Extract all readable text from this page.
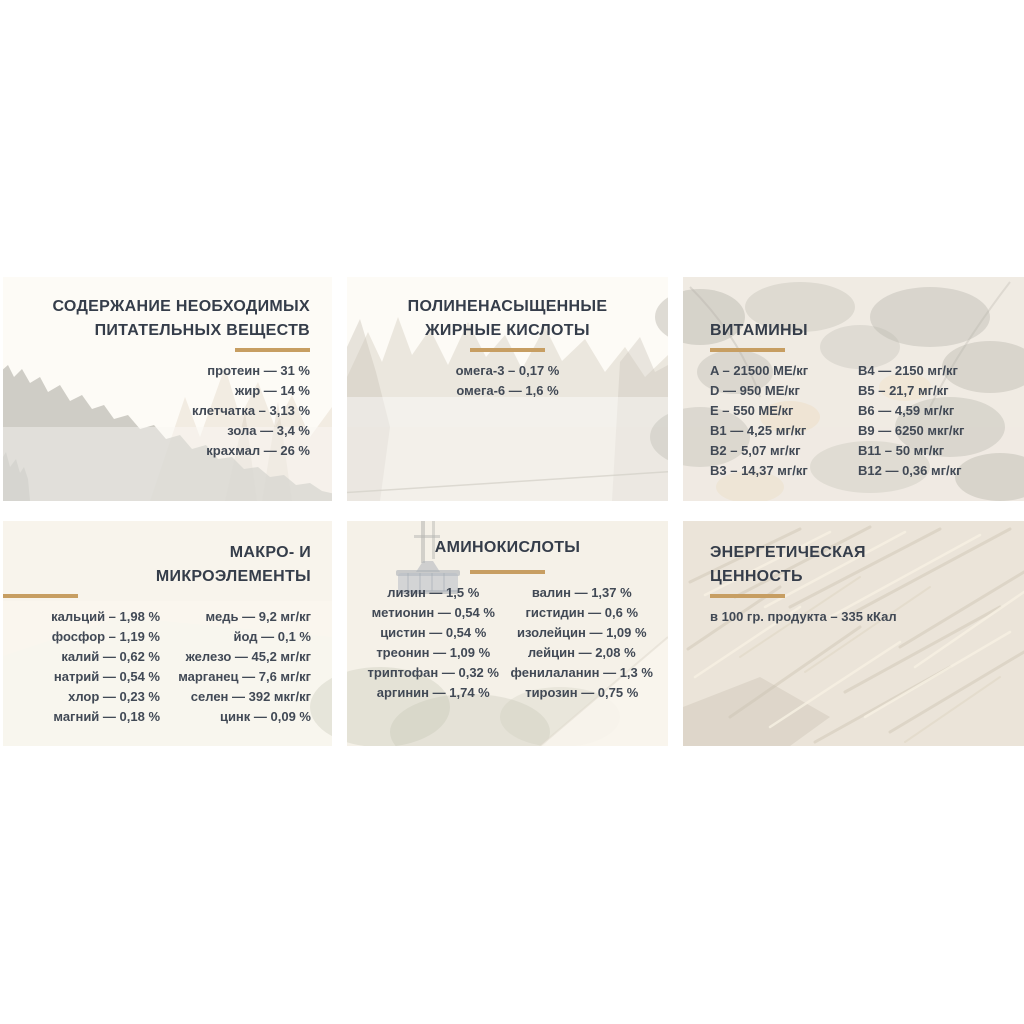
СОДЕРЖАНИЕ НЕОБХОДИМЫХ
ПИТАТЕЛЬНЫХ ВЕЩЕСТВ
протеин — 31 %
жир — 14 %
клетчатка – 3,13 %
зола — 3,4 %
крахмал — 26 %
ПОЛИНЕНАСЫЩЕННЫЕ
ЖИРНЫЕ КИСЛОТЫ
омега-3 – 0,17 %
омега-6 — 1,6 %
ВИТАМИНЫ
A – 21500 МЕ/кг
D — 950 МЕ/кг
E – 550 МЕ/кг
B1 — 4,25 мг/кг
B2 – 5,07 мг/кг
B3 – 14,37 мг/кг
B4 — 2150 мг/кг
B5 – 21,7 мг/кг
B6 — 4,59 мг/кг
B9 — 6250 мкг/кг
B11 – 50 мг/кг
B12 — 0,36 мг/кг
МАКРО- И
МИКРОЭЛЕМЕНТЫ
кальций – 1,98 %
фосфор – 1,19 %
калий — 0,62 %
натрий — 0,54 %
хлор — 0,23 %
магний — 0,18 %
медь — 9,2 мг/кг
йод — 0,1 %
железо — 45,2 мг/кг
марганец — 7,6 мг/кг
селен — 392 мкг/кг
цинк — 0,09 %
АМИНОКИСЛОТЫ
лизин — 1,5 %
метионин — 0,54 %
цистин — 0,54 %
треонин — 1,09 %
триптофан — 0,32 %
аргинин — 1,74 %
валин — 1,37 %
гистидин — 0,6 %
изолейцин — 1,09 %
лейцин — 2,08 %
фенилаланин — 1,3 %
тирозин — 0,75 %
ЭНЕРГЕТИЧЕСКАЯ
ЦЕННОСТЬ
в 100 гр. продукта – 335 кКал
